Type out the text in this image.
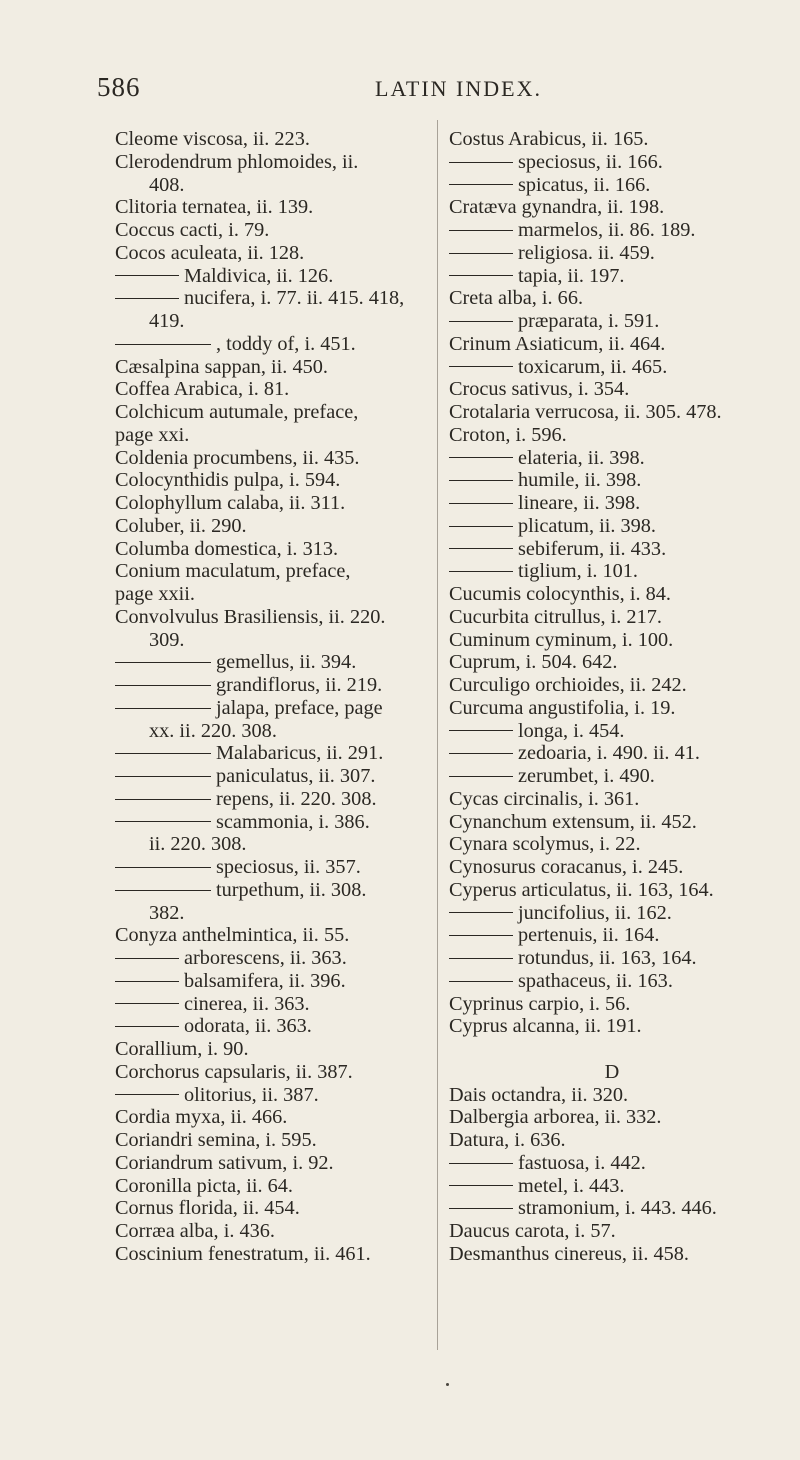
586	LATIN INDEX.
Cleome viscosa, ii. 223.
Clerodendrum phlomoides, ii.
408.
Clitoria ternatea, ii. 139.
Coccus cacti, i. 79.
Cocos aculeata, ii. 128.
Maldivica, ii. 126.
nucifera, i. 77. ii. 415. 418,
419.
, toddy of, i. 451.
Cæsalpina sappan, ii. 450.
Coffea Arabica, i. 81.
Colchicum autumale, preface,
page xxi.
Coldenia procumbens, ii. 435.
Colocynthidis pulpa, i. 594.
Colophyllum calaba, ii. 311.
Coluber, ii. 290.
Columba domestica, i. 313.
Conium maculatum, preface,
page xxii.
Convolvulus Brasiliensis, ii. 220.
309.
gemellus, ii. 394.
grandiflorus, ii. 219.
jalapa, preface, page
xx. ii. 220. 308.
Malabaricus, ii. 291.
paniculatus, ii. 307.
repens, ii. 220. 308.
scammonia, i. 386.
ii. 220. 308.
speciosus, ii. 357.
turpethum, ii. 308.
382.
Conyza anthelmintica, ii. 55.
arborescens, ii. 363.
balsamifera, ii. 396.
cinerea, ii. 363.
odorata, ii. 363.
Corallium, i. 90.
Corchorus capsularis, ii. 387.
olitorius, ii. 387.
Cordia myxa, ii. 466.
Coriandri semina, i. 595.
Coriandrum sativum, i. 92.
Coronilla picta, ii. 64.
Cornus florida, ii. 454.
Corræa alba, i. 436.
Coscinium fenestratum, ii. 461.
Costus Arabicus, ii. 165.
speciosus, ii. 166.
spicatus, ii. 166.
Cratæva gynandra, ii. 198.
marmelos, ii. 86. 189.
religiosa. ii. 459.
tapia, ii. 197.
Creta alba, i. 66.
præparata, i. 591.
Crinum Asiaticum, ii. 464.
toxicarum, ii. 465.
Crocus sativus, i. 354.
Crotalaria verrucosa, ii. 305. 478.
Croton, i. 596.
elateria, ii. 398.
humile, ii. 398.
lineare, ii. 398.
plicatum, ii. 398.
sebiferum, ii. 433.
tiglium, i. 101.
Cucumis colocynthis, i. 84.
Cucurbita citrullus, i. 217.
Cuminum cyminum, i. 100.
Cuprum, i. 504. 642.
Curculigo orchioides, ii. 242.
Curcuma angustifolia, i. 19.
longa, i. 454.
zedoaria, i. 490. ii. 41.
zerumbet, i. 490.
Cycas circinalis, i. 361.
Cynanchum extensum, ii. 452.
Cynara scolymus, i. 22.
Cynosurus coracanus, i. 245.
Cyperus articulatus, ii. 163, 164.
juncifolius, ii. 162.
pertenuis, ii. 164.
rotundus, ii. 163, 164.
spathaceus, ii. 163.
Cyprinus carpio, i. 56.
Cyprus alcanna, ii. 191.
D
Dais octandra, ii. 320.
Dalbergia arborea, ii. 332.
Datura, i. 636.
fastuosa, i. 442.
metel, i. 443.
stramonium, i. 443. 446.
Daucus carota, i. 57.
Desmanthus cinereus, ii. 458.
